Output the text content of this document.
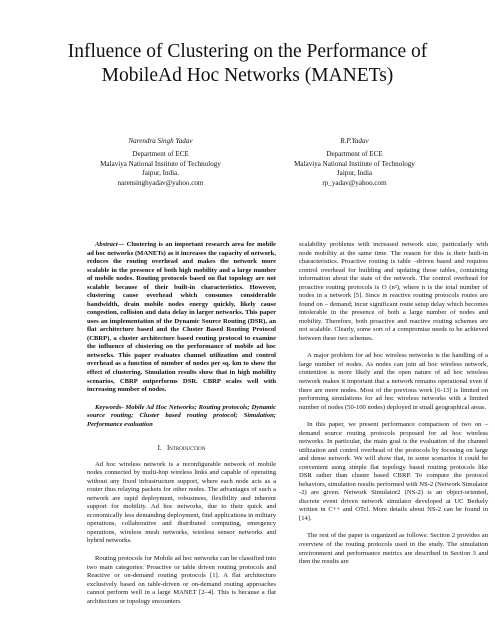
Influence of Clustering on the Performance of
MobileAd Hoc Networks (MANETs)
Narendra Singh Yadav
Department of ECE
Malaviya National Institute of Technology
Jaipur, India.
narensinghyadav@yahoo.com
R.P.Yadav
Department of ECE
Malaviya National Institute of Technology
Jaipur, India
rp_yadav@yahoo.com

Abstract— Clustering is an important research area for mobile ad hoc networks (MANETs) as it increases the capacity of network, reduces the routing overhead and makes the network more scalable in the presence of both high mobility and a large number of mobile nodes. Routing protocols based on flat topology are not scalable because of their built-in characteristics. However, clustering cause overhead which consumes considerable bandwidth, drain mobile nodes energy quickly, likely cause congestion, collision and data delay in larger networks. This paper uses an implementation of the Dynamic Source Routing (DSR), an flat architecture based and the Cluster Based Routing Protocol (CBRP), a cluster architecture based routing protocol to examine the influence of clustering on the performance of mobile ad hoc networks. This paper evaluates channel utilization and control overhead as a function of number of nodes per sq. km to show the effect of clustering. Simulation results show that in high mobility scenarios, CBRP outperforms DSR. CBRP scales well with increasing number of nodes.

Keywords- Mobile Ad Hoc Networks; Routing protocols; Dynamic source routing; Cluster based routing protocol; Simulation; Performance evaluation

I. Introduction

Ad hoc wireless network is a reconfigurable network of mobile nodes connected by multi-hop wireless links and capable of operating without any fixed infrastructure support, where each node acts as a router thus relaying packets for other nodes. The advantages of such a network are rapid deployment, robustness, flexibility and inherent support for mobility. Ad hoc networks, due to their quick and economically less demanding deployment, find applications in military operations, collaborative and distributed computing, emergency operations, wireless mesh networks, wireless sensor networks and hybrid networks.

Routing protocols for Mobile ad hoc networks can be classified into two main categories: Proactive or table driven routing protocols and Reactive or on-demand routing protocols [1]. A flat architecture exclusively based on table-driven or on-demand routing approaches cannot perform well in a large MANET [2–4]. This is because a flat architecture or topology encounters

scalability problems with increased network size, particularly with node mobility at the same time. The reason for this is their built-in characteristics. Proactive routing is table –driven based and requires control overhead for building and updating those tables, containing information about the state of the network. The control overhead for proactive routing protocols is O (n²), where n is the total number of nodes in a network [5]. Since in reactive routing protocols routes are found on – demand; incur significant route setup delay which becomes intolerable in the presence of both a large number of nodes and mobility. Therefore, both proactive and reactive routing schemes are not scalable. Clearly, some sort of a compromise needs to be achieved between these two schemes.

A major problem for ad hoc wireless networks is the handling of a large number of nodes. As nodes can join ad hoc wireless network, contention is more likely and the open nature of ad hoc wireless network makes it important that a network remains operational even if there are more nodes. Most of the previous work [6-13] is limited on performing simulations for ad hoc wireless networks with a limited number of nodes (50-100 nodes) deployed in small geographical areas.

In this paper, we present performance comparison of two on – demand source routing protocols proposed for ad hoc wireless networks. In particular, the main goal is the evaluation of the channel utilization and control overhead of the protocols by focusing on large and dense network. We will show that, in some scenarios it could be convenient using simple flat topology based routing protocols like DSR rather than cluster based CBRP. To compare the protocol behaviors, simulation results performed with NS-2 (Network Simulator -2) are given. Network Simulator2 (NS-2) is an object-oriented, discrete event driven network simulator developed at UC Berkely written in C++ and OTcl. More details about NS-2 can be found in [14].

The rest of the paper is organized as follows: Section 2 provides an overview of the routing protocols used in the study. The simulation environment and performance metrics are described in Section 3 and then the results are
